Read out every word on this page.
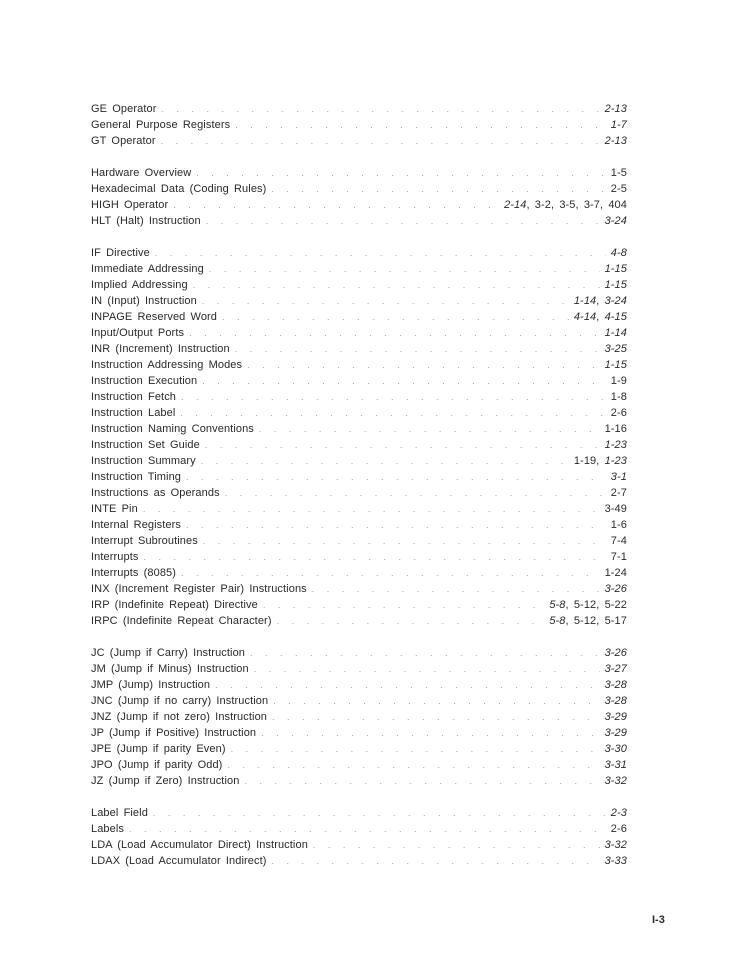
GE Operator . . .	2-13
General Purpose Registers . . .	1-7
GT Operator . . .	2-13
Hardware Overview . . .	1-5
Hexadecimal Data (Coding Rules) . . .	2-5
HIGH Operator . . .	2-14, 3-2, 3-5, 3-7, 404
HLT (Halt) Instruction . . .	3-24
IF Directive . . .	4-8
Immediate Addressing . . .	1-15
Implied Addressing . . .	1-15
IN (Input) Instruction . . .	1-14, 3-24
INPAGE Reserved Word . . .	4-14, 4-15
Input/Output Ports . . .	1-14
INR (Increment) Instruction . . .	3-25
Instruction Addressing Modes . . .	1-15
Instruction Execution . . .	1-9
Instruction Fetch . . .	1-8
Instruction Label . . .	2-6
Instruction Naming Conventions . . .	1-16
Instruction Set Guide . . .	1-23
Instruction Summary . . .	1-19, 1-23
Instruction Timing . . .	3-1
Instructions as Operands . . .	2-7
INTE Pin . . .	3-49
Internal Registers . . .	1-6
Interrupt Subroutines . . .	7-4
Interrupts . . .	7-1
Interrupts (8085) . . .	1-24
INX (Increment Register Pair) Instructions . . .	3-26
IRP (Indefinite Repeat) Directive . . .	5-8, 5-12, 5-22
IRPC (Indefinite Repeat Character) . . .	5-8, 5-12, 5-17
JC (Jump if Carry) Instruction . . .	3-26
JM (Jump if Minus) Instruction . . .	3-27
JMP (Jump) Instruction . . .	3-28
JNC (Jump if no carry) Instruction . . .	3-28
JNZ (Jump if not zero) Instruction . . .	3-29
JP (Jump if Positive) Instruction . . .	3-29
JPE (Jump if parity Even) . . .	3-30
JPO (Jump if parity Odd) . . .	3-31
JZ (Jump if Zero) Instruction . . .	3-32
Label Field . . .	2-3
Labels . . .	2-6
LDA (Load Accumulator Direct) Instruction . . .	3-32
LDAX (Load Accumulator Indirect) . . .	3-33
I-3
